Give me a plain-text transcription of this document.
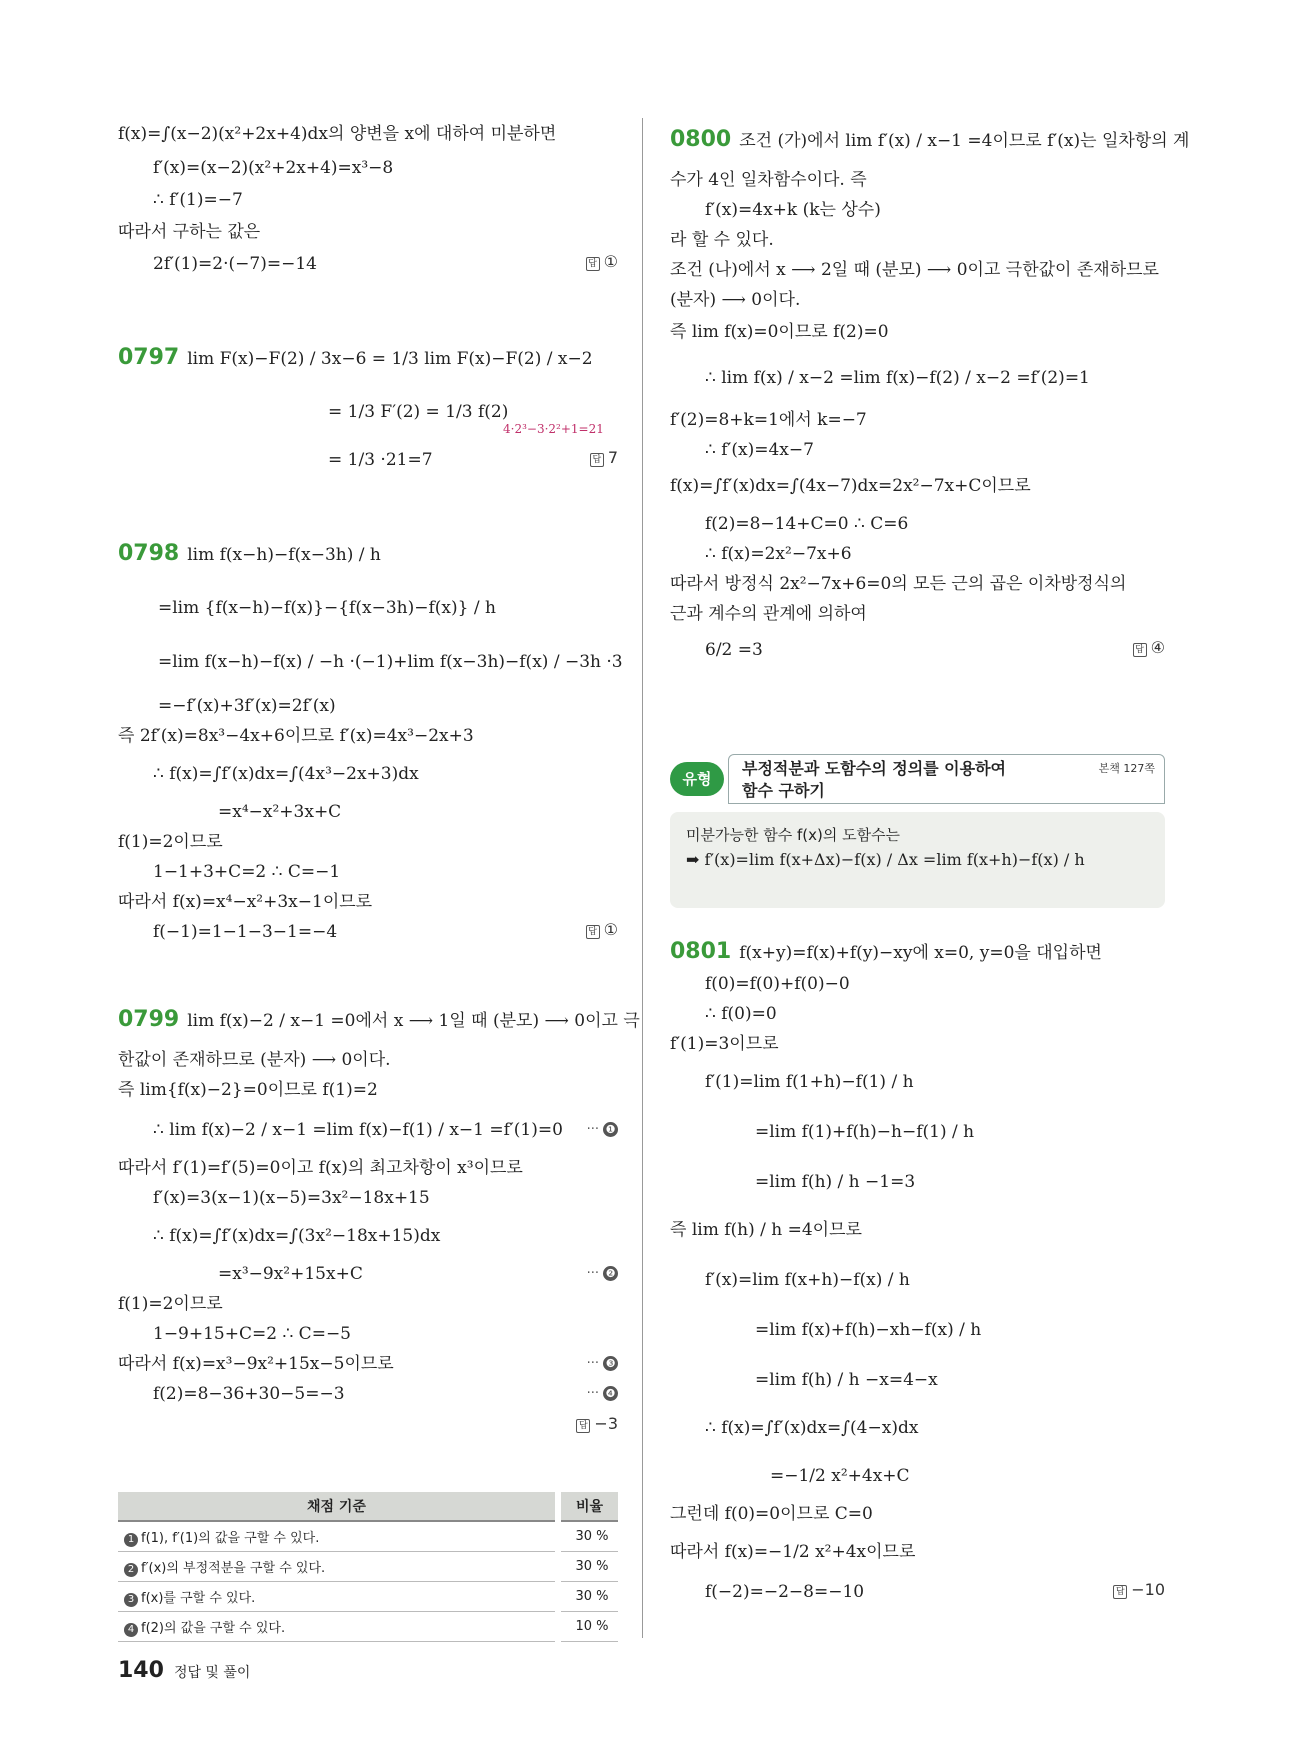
f(x)=∫(x−2)(x²+2x+4)dx의 양변을 x에 대하여 미분하면
f′(x)=(x−2)(x²+2x+4)=x³−8
∴ f′(1)=−7
따라서 구하는 값은
2f′(1)=2·(−7)=−14	답 ①
0797 lim F(x)−F(2) / 3x−6 = 1/3 lim F(x)−F(2) / x−2
= 1/3 F′(2) = 1/3 f(2)
4·2³−3·2²+1=21
= 1/3 ·21=7	답 7
0798 lim f(x−h)−f(x−3h) / h
=lim {f(x−h)−f(x)}−{f(x−3h)−f(x)} / h
=lim f(x−h)−f(x) / −h ·(−1)+lim f(x−3h)−f(x) / −3h ·3
=−f′(x)+3f′(x)=2f′(x)
즉 2f′(x)=8x³−4x+6이므로 f′(x)=4x³−2x+3
∴ f(x)=∫f′(x)dx=∫(4x³−2x+3)dx
=x⁴−x²+3x+C
f(1)=2이므로
1−1+3+C=2 ∴ C=−1
따라서 f(x)=x⁴−x²+3x−1이므로
f(−1)=1−1−3−1=−4	답 ①
0799 lim f(x)−2 / x−1 =0에서 x ⟶ 1일 때 (분모) ⟶ 0이고 극
한값이 존재하므로 (분자) ⟶ 0이다.
즉 lim{f(x)−2}=0이므로 f(1)=2
∴ lim f(x)−2 / x−1 =lim f(x)−f(1) / x−1 =f′(1)=0 ··· ❶
따라서 f′(1)=f′(5)=0이고 f(x)의 최고차항이 x³이므로
f′(x)=3(x−1)(x−5)=3x²−18x+15
∴ f(x)=∫f′(x)dx=∫(3x²−18x+15)dx
=x³−9x²+15x+C	··· ❷
f(1)=2이므로
1−9+15+C=2 ∴ C=−5
따라서 f(x)=x³−9x²+15x−5이므로	··· ❸
f(2)=8−36+30−5=−3	··· ❹
답 −3
채점 기준	비율
1 f(1), f′(1)의 값을 구할 수 있다.	30 %
2 f′(x)의 부정적분을 구할 수 있다.	30 %
3 f(x)를 구할 수 있다.	30 %
4 f(2)의 값을 구할 수 있다.	10 %
0800 조건 (가)에서 lim f′(x) / x−1 =4이므로 f′(x)는 일차항의 계
수가 4인 일차함수이다. 즉
f′(x)=4x+k (k는 상수)
라 할 수 있다.
조건 (나)에서 x ⟶ 2일 때 (분모) ⟶ 0이고 극한값이 존재하므로
(분자) ⟶ 0이다.
즉 lim f(x)=0이므로 f(2)=0
∴ lim f(x) / x−2 =lim f(x)−f(2) / x−2 =f′(2)=1
f′(2)=8+k=1에서 k=−7
∴ f′(x)=4x−7
f(x)=∫f′(x)dx=∫(4x−7)dx=2x²−7x+C이므로
f(2)=8−14+C=0 ∴ C=6
∴ f(x)=2x²−7x+6
따라서 방정식 2x²−7x+6=0의 모든 근의 곱은 이차방정식의
근과 계수의 관계에 의하여
6/2 =3	답 ④
유형
부정적분과 도함수의 정의를 이용하여
함수 구하기
본책 127쪽
미분가능한 함수 f(x)의 도함수는
➡ f′(x)=lim f(x+Δx)−f(x) / Δx =lim f(x+h)−f(x) / h
0801 f(x+y)=f(x)+f(y)−xy에 x=0, y=0을 대입하면
f(0)=f(0)+f(0)−0
∴ f(0)=0
f′(1)=3이므로
f′(1)=lim f(1+h)−f(1) / h
=lim f(1)+f(h)−h−f(1) / h
=lim f(h) / h −1=3
즉 lim f(h) / h =4이므로
f′(x)=lim f(x+h)−f(x) / h
=lim f(x)+f(h)−xh−f(x) / h
=lim f(h) / h −x=4−x
∴ f(x)=∫f′(x)dx=∫(4−x)dx
=−1/2 x²+4x+C
그런데 f(0)=0이므로 C=0
따라서 f(x)=−1/2 x²+4x이므로
f(−2)=−2−8=−10	답 −10
140 정답 및 풀이
